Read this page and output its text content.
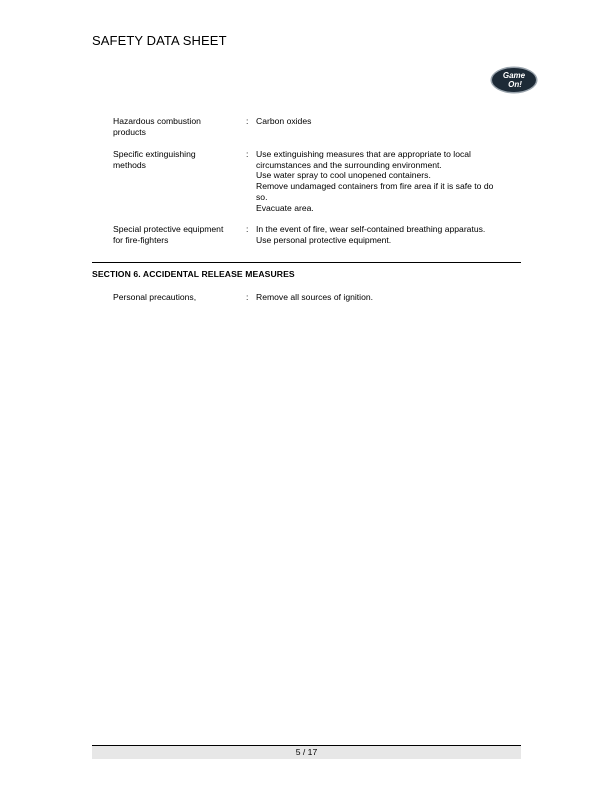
SAFETY DATA SHEET
Game
On!
Hazardous combustion
products
: Carbon oxides
Specific extinguishing
methods
: Use extinguishing measures that are appropriate to local
circumstances and the surrounding environment.
Use water spray to cool unopened containers.
Remove undamaged containers from fire area if it is safe to do
so.
Evacuate area.
Special protective equipment
for fire-fighters
: In the event of fire, wear self-contained breathing apparatus.
Use personal protective equipment.
SECTION 6. ACCIDENTAL RELEASE MEASURES
Personal precautions,	: Remove all sources of ignition.
5 / 17
